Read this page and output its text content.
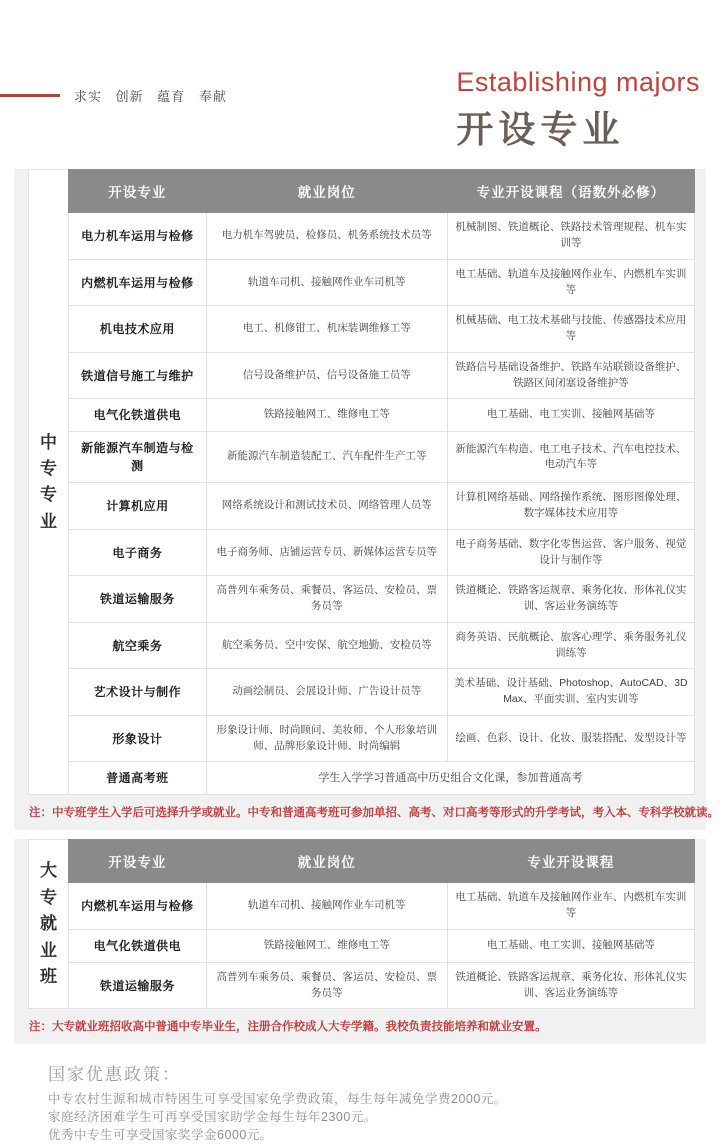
求实 创新 蕴育 奉献	Establishing majors
开设专业
中专专业
开设专业	就业岗位	专业开设课程（语数外必修）
电力机车运用与检修	电力机车驾驶员、检修员、机务系统技术员等	机械制图、铁道概论、铁路技术管理规程、机车实训等
内燃机车运用与检修	轨道车司机、接触网作业车司机等	电工基础、轨道车及接触网作业车、内燃机车实训等
机电技术应用	电工、机修钳工、机床装调维修工等	机械基础、电工技术基础与技能、传感器技术应用等
铁道信号施工与维护	信号设备维护员、信号设备施工员等	铁路信号基础设备维护、铁路车站联锁设备维护、铁路区间闭塞设备维护等
电气化铁道供电	铁路接触网工、维修电工等	电工基础、电工实训、接触网基础等
新能源汽车制造与检测	新能源汽车制造装配工、汽车配件生产工等	新能源汽车构造、电工电子技术、汽车电控技术、电动汽车等
计算机应用	网络系统设计和测试技术员、网络管理人员等	计算机网络基础、网络操作系统、图形图像处理、数字媒体技术应用等
电子商务	电子商务师、店铺运营专员、新媒体运营专员等	电子商务基础、数字化零售运营、客户服务、视觉设计与制作等
铁道运输服务	高普列车乘务员、乘餐员、客运员、安检员、票务员等	铁道概论、铁路客运规章、乘务化妆、形体礼仪实训、客运业务演练等
航空乘务	航空乘务员、空中安保、航空地勤、安检员等	商务英语、民航概论、旅客心理学、乘务服务礼仪训练等
艺术设计与制作	动画绘制员、会展设计师、广告设计员等	美术基础、设计基础、Photoshop、AutoCAD、3D Max、平面实训、室内实训等
形象设计	形象设计师、时尚顾问、美妆师、个人形象培训师、品牌形象设计师、时尚编辑	绘画、色彩、设计、化妆、服装搭配、发型设计等
普通高考班	学生入学学习普通高中历史组合文化课，参加普通高考	
注：中专班学生入学后可选择升学或就业。中专和普通高考班可参加单招、高考、对口高考等形式的升学考试，考入本、专科学校就读。
大专就业班
开设专业	就业岗位	专业开设课程
内燃机车运用与检修	轨道车司机、接触网作业车司机等	电工基础、轨道车及接触网作业车、内燃机车实训等
电气化铁道供电	铁路接触网工、维修电工等	电工基础、电工实训、接触网基础等
铁道运输服务	高普列车乘务员、乘餐员、客运员、安检员、票务员等	铁道概论、铁路客运规章、乘务化妆、形体礼仪实训、客运业务演练等
注：大专就业班招收高中普通中专毕业生，注册合作校成人大专学籍。我校负责技能培养和就业安置。
国家优惠政策：
中专农村生源和城市特困生可享受国家免学费政策，每生每年减免学费2000元。
家庭经济困难学生可再享受国家助学金每生每年2300元。
优秀中专生可享受国家奖学金6000元。
